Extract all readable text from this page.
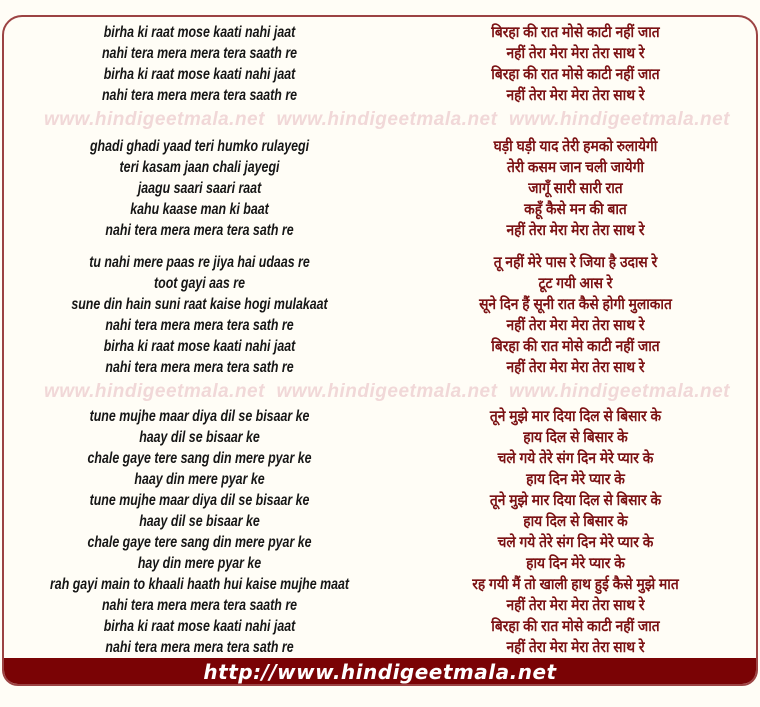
birha ki raat mose kaati nahi jaat
nahi tera mera mera tera saath re
birha ki raat mose kaati nahi jaat
nahi tera mera mera tera saath re
बिरहा की रात मोसे काटी नहीं जात
नहीं तेरा मेरा मेरा तेरा साथ रे
बिरहा की रात मोसे काटी नहीं जात
नहीं तेरा मेरा मेरा तेरा साथ रे
www.hindigeetmala.net www.hindigeetmala.net www.hindigeetmala.net
ghadi ghadi yaad teri humko rulayegi
teri kasam jaan chali jayegi
jaagu saari saari raat
kahu kaase man ki baat
nahi tera mera mera tera sath re
घड़ी घड़ी याद तेरी हमको रुलायेगी
तेरी कसम जान चली जायेगी
जागूँ सारी सारी रात
कहूँ कैसे मन की बात
नहीं तेरा मेरा मेरा तेरा साथ रे
tu nahi mere paas re jiya hai udaas re
toot gayi aas re
sune din hain suni raat kaise hogi mulakaat
nahi tera mera mera tera sath re
birha ki raat mose kaati nahi jaat
nahi tera mera mera tera sath re
तू नहीं मेरे पास रे जिया है उदास रे
टूट गयी आस रे
सूने दिन हैं सूनी रात कैसे होगी मुलाकात
नहीं तेरा मेरा मेरा तेरा साथ रे
बिरहा की रात मोसे काटी नहीं जात
नहीं तेरा मेरा मेरा तेरा साथ रे
www.hindigeetmala.net www.hindigeetmala.net www.hindigeetmala.net
tune mujhe maar diya dil se bisaar ke
haay dil se bisaar ke
chale gaye tere sang din mere pyar ke
haay din mere pyar ke
tune mujhe maar diya dil se bisaar ke
haay dil se bisaar ke
chale gaye tere sang din mere pyar ke
hay din mere pyar ke
rah gayi main to khaali haath hui kaise mujhe maat
nahi tera mera mera tera saath re
birha ki raat mose kaati nahi jaat
nahi tera mera mera tera sath re
तूने मुझे मार दिया दिल से बिसार के
हाय दिल से बिसार के
चले गये तेरे संग दिन मेरे प्यार के
हाय दिन मेरे प्यार के
तूने मुझे मार दिया दिल से बिसार के
हाय दिल से बिसार के
चले गये तेरे संग दिन मेरे प्यार के
हाय दिन मेरे प्यार के
रह गयी मैं तो खाली हाथ हुई कैसे मुझे मात
नहीं तेरा मेरा मेरा तेरा साथ रे
बिरहा की रात मोसे काटी नहीं जात
नहीं तेरा मेरा मेरा तेरा साथ रे
http://www.hindigeetmala.net
